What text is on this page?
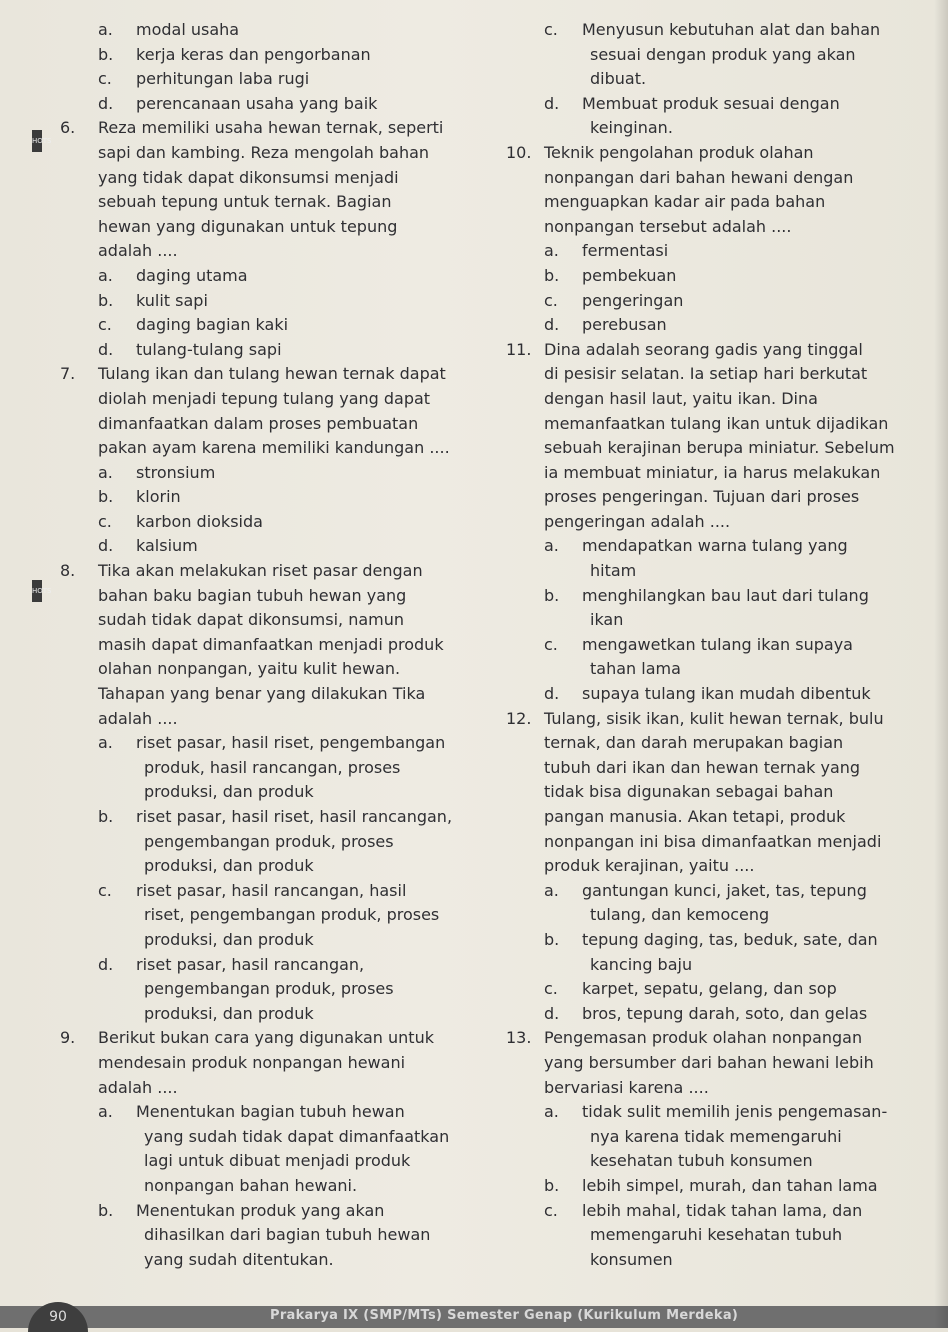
HOTS
HOTS
a. modal usaha
b. kerja keras dan pengorbanan
c. perhitungan laba rugi
d. perencanaan usaha yang baik
6. Reza memiliki usaha hewan ternak, seperti
sapi dan kambing. Reza mengolah bahan
yang tidak dapat dikonsumsi menjadi
sebuah tepung untuk ternak. Bagian
hewan yang digunakan untuk tepung
adalah ....
a. daging utama
b. kulit sapi
c. daging bagian kaki
d. tulang-tulang sapi
7. Tulang ikan dan tulang hewan ternak dapat
diolah menjadi tepung tulang yang dapat
dimanfaatkan dalam proses pembuatan
pakan ayam karena memiliki kandungan ....
a. stronsium
b. klorin
c. karbon dioksida
d. kalsium
8. Tika akan melakukan riset pasar dengan
bahan baku bagian tubuh hewan yang
sudah tidak dapat dikonsumsi, namun
masih dapat dimanfaatkan menjadi produk
olahan nonpangan, yaitu kulit hewan.
Tahapan yang benar yang dilakukan Tika
adalah ....
a. riset pasar, hasil riset, pengembangan
produk, hasil rancangan, proses
produksi, dan produk
b. riset pasar, hasil riset, hasil rancangan,
pengembangan produk, proses
produksi, dan produk
c. riset pasar, hasil rancangan, hasil
riset, pengembangan produk, proses
produksi, dan produk
d. riset pasar, hasil rancangan,
pengembangan produk, proses
produksi, dan produk
9. Berikut bukan cara yang digunakan untuk
mendesain produk nonpangan hewani
adalah ....
a. Menentukan bagian tubuh hewan
yang sudah tidak dapat dimanfaatkan
lagi untuk dibuat menjadi produk
nonpangan bahan hewani.
b. Menentukan produk yang akan
dihasilkan dari bagian tubuh hewan
yang sudah ditentukan.
c. Menyusun kebutuhan alat dan bahan
sesuai dengan produk yang akan
dibuat.
d. Membuat produk sesuai dengan
keinginan.
10. Teknik pengolahan produk olahan
nonpangan dari bahan hewani dengan
menguapkan kadar air pada bahan
nonpangan tersebut adalah ....
a. fermentasi
b. pembekuan
c. pengeringan
d. perebusan
11. Dina adalah seorang gadis yang tinggal
di pesisir selatan. Ia setiap hari berkutat
dengan hasil laut, yaitu ikan. Dina
memanfaatkan tulang ikan untuk dijadikan
sebuah kerajinan berupa miniatur. Sebelum
ia membuat miniatur, ia harus melakukan
proses pengeringan. Tujuan dari proses
pengeringan adalah ....
a. mendapatkan warna tulang yang
hitam
b. menghilangkan bau laut dari tulang
ikan
c. mengawetkan tulang ikan supaya
tahan lama
d. supaya tulang ikan mudah dibentuk
12. Tulang, sisik ikan, kulit hewan ternak, bulu
ternak, dan darah merupakan bagian
tubuh dari ikan dan hewan ternak yang
tidak bisa digunakan sebagai bahan
pangan manusia. Akan tetapi, produk
nonpangan ini bisa dimanfaatkan menjadi
produk kerajinan, yaitu ....
a. gantungan kunci, jaket, tas, tepung
tulang, dan kemoceng
b. tepung daging, tas, beduk, sate, dan
kancing baju
c. karpet, sepatu, gelang, dan sop
d. bros, tepung darah, soto, dan gelas
13. Pengemasan produk olahan nonpangan
yang bersumber dari bahan hewani lebih
bervariasi karena ....
a. tidak sulit memilih jenis pengemasan-
nya karena tidak memengaruhi
kesehatan tubuh konsumen
b. lebih simpel, murah, dan tahan lama
c. lebih mahal, tidak tahan lama, dan
memengaruhi kesehatan tubuh
konsumen
Prakarya IX (SMP/MTs) Semester Genap (Kurikulum Merdeka)
90
